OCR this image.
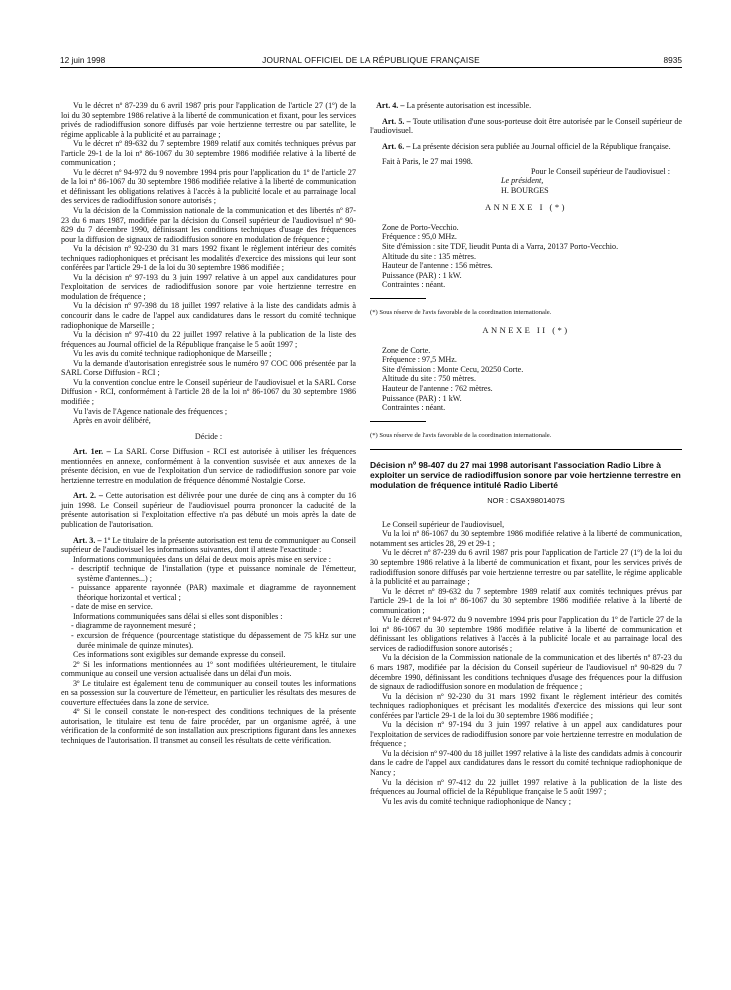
12 juin 1998	JOURNAL OFFICIEL DE LA RÉPUBLIQUE FRANÇAISE	8935

Vu le décret nº 87-239 du 6 avril 1987 pris pour l'application de l'article 27 (1º) de la loi du 30 septembre 1986 relative à la liberté de communication et fixant, pour les services privés de radiodiffusion sonore diffusés par voie hertzienne terrestre ou par satellite, le régime applicable à la publicité et au parrainage ;

Vu le décret nº 89-632 du 7 septembre 1989 relatif aux comités techniques prévus par l'article 29-1 de la loi nº 86-1067 du 30 septembre 1986 modifiée relative à la liberté de communication ;

Vu le décret nº 94-972 du 9 novembre 1994 pris pour l'application du 1º de l'article 27 de la loi nº 86-1067 du 30 septembre 1986 modifiée relative à la liberté de communication et définissant les obligations relatives à l'accès à la publicité locale et au parrainage local des services de radiodiffusion sonore autorisés ;

Vu la décision de la Commission nationale de la communication et des libertés nº 87-23 du 6 mars 1987, modifiée par la décision du Conseil supérieur de l'audiovisuel nº 90-829 du 7 décembre 1990, définissant les conditions techniques d'usage des fréquences pour la diffusion de signaux de radiodiffusion sonore en modulation de fréquence ;

Vu la décision nº 92-230 du 31 mars 1992 fixant le règlement intérieur des comités techniques radiophoniques et précisant les modalités d'exercice des missions qui leur sont conférées par l'article 29-1 de la loi du 30 septembre 1986 modifiée ;

Vu la décision nº 97-193 du 3 juin 1997 relative à un appel aux candidatures pour l'exploitation de services de radiodiffusion sonore par voie hertzienne terrestre en modulation de fréquence ;

Vu la décision nº 97-398 du 18 juillet 1997 relative à la liste des candidats admis à concourir dans le cadre de l'appel aux candidatures dans le ressort du comité technique radiophonique de Marseille ;

Vu la décision nº 97-410 du 22 juillet 1997 relative à la publication de la liste des fréquences au Journal officiel de la République française le 5 août 1997 ;

Vu les avis du comité technique radiophonique de Marseille ;

Vu la demande d'autorisation enregistrée sous le numéro 97 COC 006 présentée par la SARL Corse Diffusion - RCI ;

Vu la convention conclue entre le Conseil supérieur de l'audiovisuel et la SARL Corse Diffusion - RCI, conformément à l'article 28 de la loi nº 86-1067 du 30 septembre 1986 modifiée ;

Vu l'avis de l'Agence nationale des fréquences ;

Après en avoir délibéré,

Décide :

Art. 1er. – La SARL Corse Diffusion - RCI est autorisée à utiliser les fréquences mentionnées en annexe, conformément à la convention susvisée et aux annexes de la présente décision, en vue de l'exploitation d'un service de radiodiffusion sonore par voie hertzienne terrestre en modulation de fréquence dénommé Nostalgie Corse.

Art. 2. – Cette autorisation est délivrée pour une durée de cinq ans à compter du 16 juin 1998. Le Conseil supérieur de l'audiovisuel pourra prononcer la caducité de la présente autorisation si l'exploitation effective n'a pas débuté un mois après la date de publication de l'autorisation.

Art. 3. – 1º Le titulaire de la présente autorisation est tenu de communiquer au Conseil supérieur de l'audiovisuel les informations suivantes, dont il atteste l'exactitude :

Informations communiquées dans un délai de deux mois après mise en service :

- descriptif technique de l'installation (type et puissance nominale de l'émetteur, système d'antennes...) ;

- puissance apparente rayonnée (PAR) maximale et diagramme de rayonnement théorique horizontal et vertical ;

- date de mise en service.

Informations communiquées sans délai si elles sont disponibles :

- diagramme de rayonnement mesuré ;

- excursion de fréquence (pourcentage statistique du dépassement de 75 kHz sur une durée minimale de quinze minutes).

Ces informations sont exigibles sur demande expresse du conseil.

2º Si les informations mentionnées au 1º sont modifiées ultérieurement, le titulaire communique au conseil une version actualisée dans un délai d'un mois.

3º Le titulaire est également tenu de communiquer au conseil toutes les informations en sa possession sur la couverture de l'émetteur, en particulier les résultats des mesures de couverture effectuées dans la zone de service.

4º Si le conseil constate le non-respect des conditions techniques de la présente autorisation, le titulaire est tenu de faire procéder, par un organisme agréé, à une vérification de la conformité de son installation aux prescriptions figurant dans les annexes techniques de l'autorisation. Il transmet au conseil les résultats de cette vérification.

Art. 4. – La présente autorisation est incessible.

Art. 5. – Toute utilisation d'une sous-porteuse doit être autorisée par le Conseil supérieur de l'audiovisuel.

Art. 6. – La présente décision sera publiée au Journal officiel de la République française.

Fait à Paris, le 27 mai 1998.

Pour le Conseil supérieur de l'audiovisuel :

Le président,

H. BOURGES

ANNEXE I (*)

Zone de Porto-Vecchio.

Fréquence : 95,0 MHz.

Site d'émission : site TDF, lieudit Punta di a Varra, 20137 Porto-Vecchio.

Altitude du site : 135 mètres.

Hauteur de l'antenne : 156 mètres.

Puissance (PAR) : 1 kW.

Contraintes : néant.

(*) Sous réserve de l'avis favorable de la coordination internationale.

ANNEXE II (*)

Zone de Corte.

Fréquence : 97,5 MHz.

Site d'émission : Monte Cecu, 20250 Corte.

Altitude du site : 750 mètres.

Hauteur de l'antenne : 762 mètres.

Puissance (PAR) : 1 kW.

Contraintes : néant.

(*) Sous réserve de l'avis favorable de la coordination internationale.

Décision nº 98-407 du 27 mai 1998 autorisant l'association Radio Libre à exploiter un service de radiodiffusion sonore par voie hertzienne terrestre en modulation de fréquence intitulé Radio Liberté

NOR : CSAX9801407S

Le Conseil supérieur de l'audiovisuel,

Vu la loi nº 86-1067 du 30 septembre 1986 modifiée relative à la liberté de communication, notamment ses articles 28, 29 et 29-1 ;

Vu le décret nº 87-239 du 6 avril 1987 pris pour l'application de l'article 27 (1º) de la loi du 30 septembre 1986 relative à la liberté de communication et fixant, pour les services privés de radiodiffusion sonore diffusés par voie hertzienne terrestre ou par satellite, le régime applicable à la publicité et au parrainage ;

Vu le décret nº 89-632 du 7 septembre 1989 relatif aux comités techniques prévus par l'article 29-1 de la loi nº 86-1067 du 30 septembre 1986 modifiée relative à la liberté de communication ;

Vu le décret nº 94-972 du 9 novembre 1994 pris pour l'application du 1º de l'article 27 de la loi nº 86-1067 du 30 septembre 1986 modifiée relative à la liberté de communication et définissant les obligations relatives à l'accès à la publicité locale et au parrainage local des services de radiodiffusion sonore autorisés ;

Vu la décision de la Commission nationale de la communication et des libertés nº 87-23 du 6 mars 1987, modifiée par la décision du Conseil supérieur de l'audiovisuel nº 90-829 du 7 décembre 1990, définissant les conditions techniques d'usage des fréquences pour la diffusion de signaux de radiodiffusion sonore en modulation de fréquence ;

Vu la décision nº 92-230 du 31 mars 1992 fixant le règlement intérieur des comités techniques radiophoniques et précisant les modalités d'exercice des missions qui leur sont conférées par l'article 29-1 de la loi du 30 septembre 1986 modifiée ;

Vu la décision nº 97-194 du 3 juin 1997 relative à un appel aux candidatures pour l'exploitation de services de radiodiffusion sonore par voie hertzienne terrestre en modulation de fréquence ;

Vu la décision nº 97-400 du 18 juillet 1997 relative à la liste des candidats admis à concourir dans le cadre de l'appel aux candidatures dans le ressort du comité technique radiophonique de Nancy ;

Vu la décision nº 97-412 du 22 juillet 1997 relative à la publication de la liste des fréquences au Journal officiel de la République française le 5 août 1997 ;

Vu les avis du comité technique radiophonique de Nancy ;
